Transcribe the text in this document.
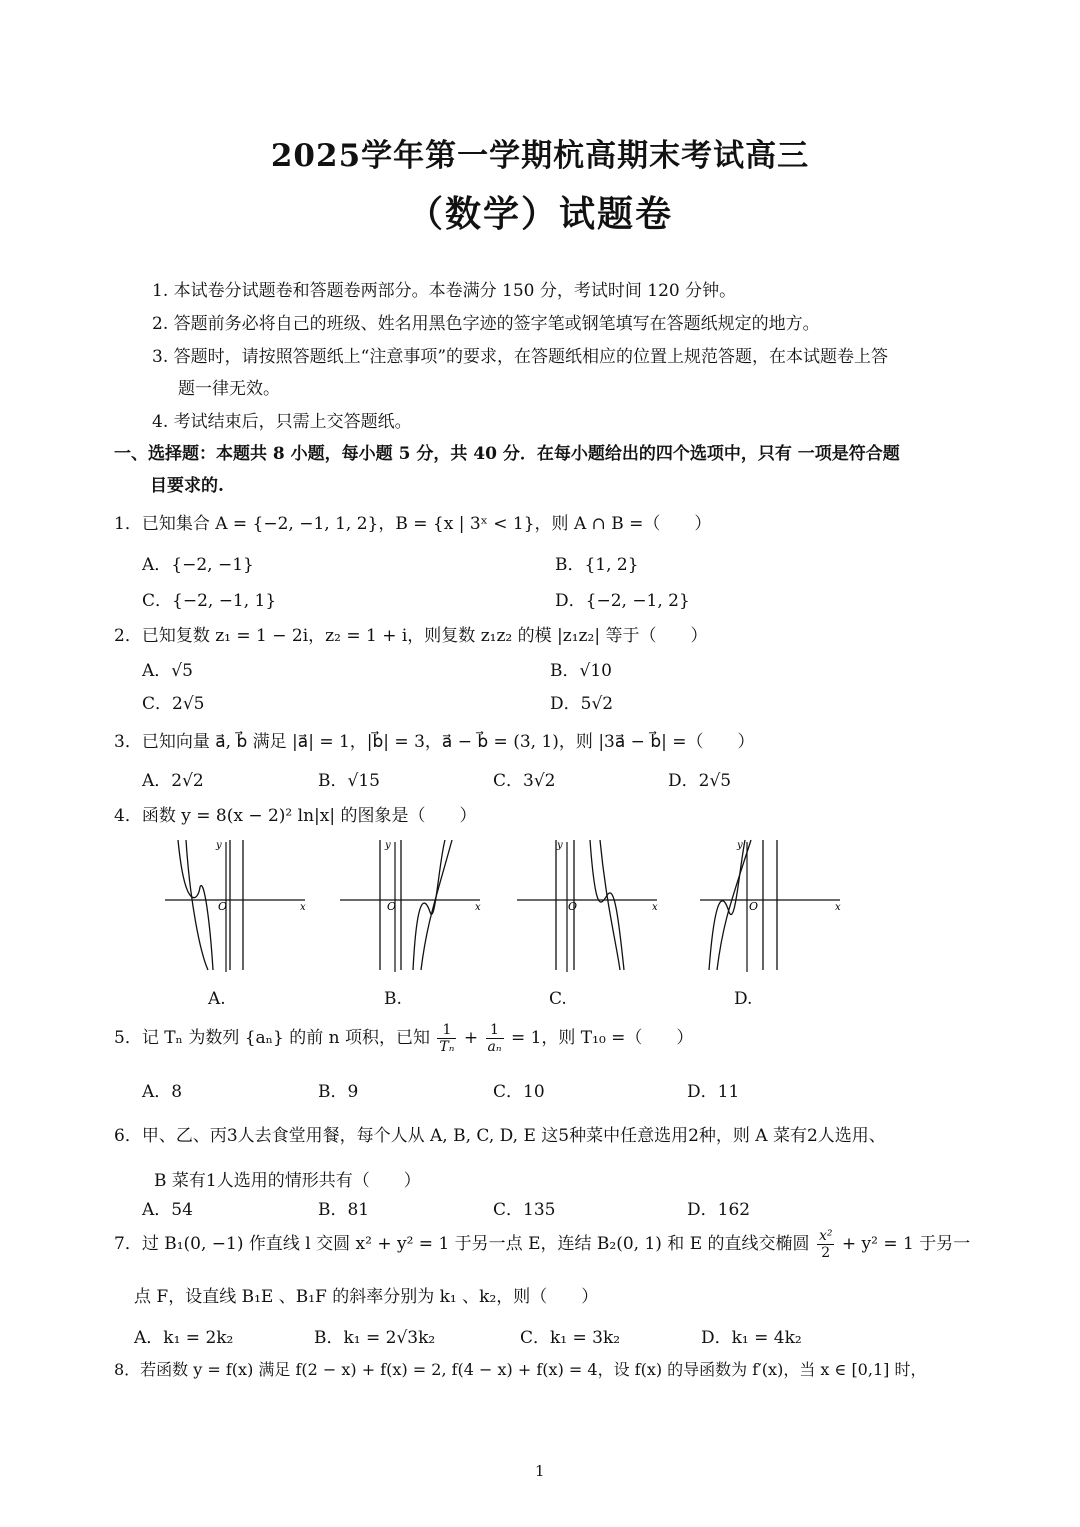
2025学年第一学期杭高期末考试高三
（数学）试题卷
1. 本试卷分试题卷和答题卷两部分。本卷满分 150 分，考试时间 120 分钟。
2. 答题前务必将自己的班级、姓名用黑色字迹的签字笔或钢笔填写在答题纸规定的地方。
3. 答题时，请按照答题纸上“注意事项”的要求，在答题纸相应的位置上规范答题，在本试题卷上答
题一律无效。
4. 考试结束后，只需上交答题纸。
一、选择题：本题共 8 小题，每小题 5 分，共 40 分．在每小题给出的四个选项中，只有 一项是符合题
目要求的.
1．已知集合 A = {−2, −1, 1, 2}，B = {x | 3ˣ < 1}，则 A ∩ B =（　　）
A．{−2, −1}	B．{1, 2}
C．{−2, −1, 1}	D．{−2, −1, 2}
2．已知复数 z₁ = 1 − 2i，z₂ = 1 + i，则复数 z₁z₂ 的模 |z₁z₂| 等于（　　）
A．√5	B．√10
C．2√5	D．5√2
3．已知向量 a⃗, b⃗ 满足 |a⃗| = 1，|b⃗| = 3，a⃗ − b⃗ = (3, 1)，则 |3a⃗ − b⃗| =（　　）
A．2√2	B．√15	C．3√2	D．2√5
4．函数 y = 8(x − 2)² ln|x| 的图象是（　　）
y
x
O
A.
y
x
O
B.
y
x
O
C.
y
x
O
D.
5．记 Tₙ 为数列 {aₙ} 的前 n 项积，已知 $\frac{1}{\text{Tₙ}} + \frac{1}{\text{aₙ}} = 1$，则 T₁₀ =（　　）
A．8	B．9	C．10	D．11
6．甲、乙、丙3人去食堂用餐，每个人从 A, B, C, D, E 这5种菜中任意选用2种，则 A 菜有2人选用、
B 菜有1人选用的情形共有（　　）
A．54	B．81	C．135	D．162
7．过 B₁(0, −1) 作直线 l 交圆 x² + y² = 1 于另一点 E，连结 B₂(0, 1) 和 E 的直线交椭圆 $\frac{\text{x²}}{2} + y^2 = 1$ 于另一
点 F，设直线 B₁E 、B₁F 的斜率分别为 k₁ 、k₂，则（　　）
A．k₁ = 2k₂	B．k₁ = 2√3k₂	C．k₁ = 3k₂	D．k₁ = 4k₂
8．若函数 y = f(x) 满足 f(2 − x) + f(x) = 2, f(4 − x) + f(x) = 4，设 f(x) 的导函数为 f′(x)，当 x ∈ [0,1] 时，
1
